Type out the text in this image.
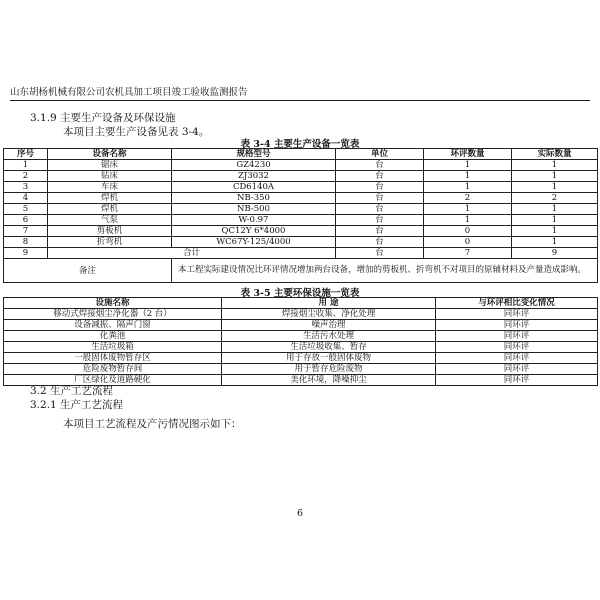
山东胡杨机械有限公司农机具加工项目竣工验收监测报告
3.1.9 主要生产设备及环保设施
本项目主要生产设备见表 3-4。
表 3-4 主要生产设备一览表
序号	设备名称	规格型号	单位	环评数量	实际数量
1	锯床	GZ4230	台	1	1
2	钻床	ZJ3032	台	1	1
3	车床	CD6140A	台	1	1
4	焊机	NB-350	台	2	2
5	焊机	NB-500	台	1	1
6	气泵	W-0.97	台	1	1
7	剪板机	QC12Y 6*4000	台	0	1
8	折弯机	WC67Y-125/4000	台	0	1
9	合计		台	7	9
备注		本工程实际建设情况比环评情况增加两台设备，增加的剪板机、折弯机不对项目的原辅材料及产量造成影响。			
表 3-5 主要环保设施一览表
设施名称	用 途	与环评相比变化情况
移动式焊接烟尘净化器（2 台）	焊接烟尘收集、净化处理	同环评
设备减振、隔声门窗	噪声治理	同环评
化粪池	生活污水处理	同环评
生活垃圾箱	生活垃圾收集、暂存	同环评
一般固体废物暂存区	用于存放一般固体废物	同环评
危险废物暂存间	用于暂存危险废物	同环评
厂区绿化及道路硬化	美化环境，降噪抑尘	同环评
3.2 生产工艺流程
3.2.1 生产工艺流程
本项目工艺流程及产污情况图示如下：
6
